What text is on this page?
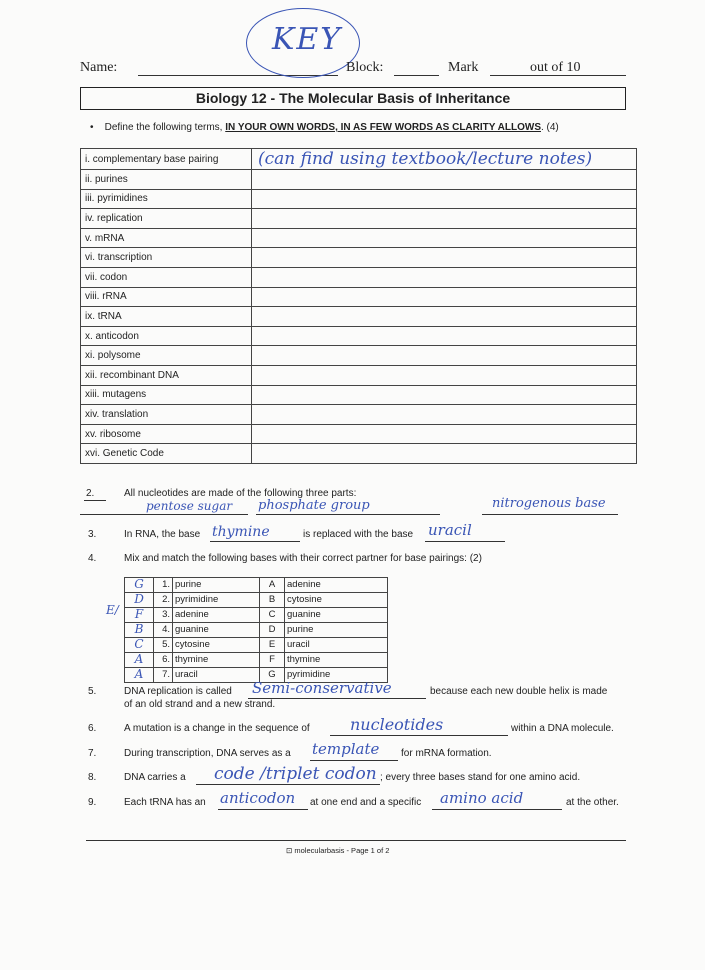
Name:
KEY
Block:	Mark	out of 10
Biology 12 - The Molecular Basis of Inheritance
•    Define the following terms, IN YOUR OWN WORDS, IN AS FEW WORDS AS CLARITY ALLOWS. (4)
i. complementary base pairing	(can find using textbook/lecture notes)
ii. purines	
iii. pyrimidines	
iv. replication	
v. mRNA	
vi. transcription	
vii. codon	
viii. rRNA	
ix. tRNA	
x. anticodon	
xi. polysome	
xii. recombinant DNA	
xiii. mutagens	
xiv. translation	
xv. ribosome	
xvi. Genetic Code	
2.	All nucleotides are made of the following three parts:
pentose sugar phosphate group	nitrogenous base
3.	In RNA, the base thymine	is replaced with the base uracil
4.	Mix and match the following bases with their correct partner for base pairings: (2)
E/
G	1.	purine	A	adenine
D	2.	pyrimidine	B	cytosine
F	3.	adenine	C	guanine
B	4.	guanine	D	purine
C	5.	cytosine	E	uracil
A	6.	thymine	F	thymine
A	7.	uracil	G	pyrimidine
5.	DNA replication is called Semi-conservative	because each new double helix is made
of an old strand and a new strand.
6.	A mutation is a change in the sequence of	nucleotides	within a DNA molecule.
7.	During transcription, DNA serves as a template for mRNA formation.
8.	DNA carries a code /triplet codon ; every three bases stand for one amino acid.
9.	Each tRNA has an anticodon at one end and a specific amino acid	at the other.
⊡ molecularbasis - Page 1 of 2
